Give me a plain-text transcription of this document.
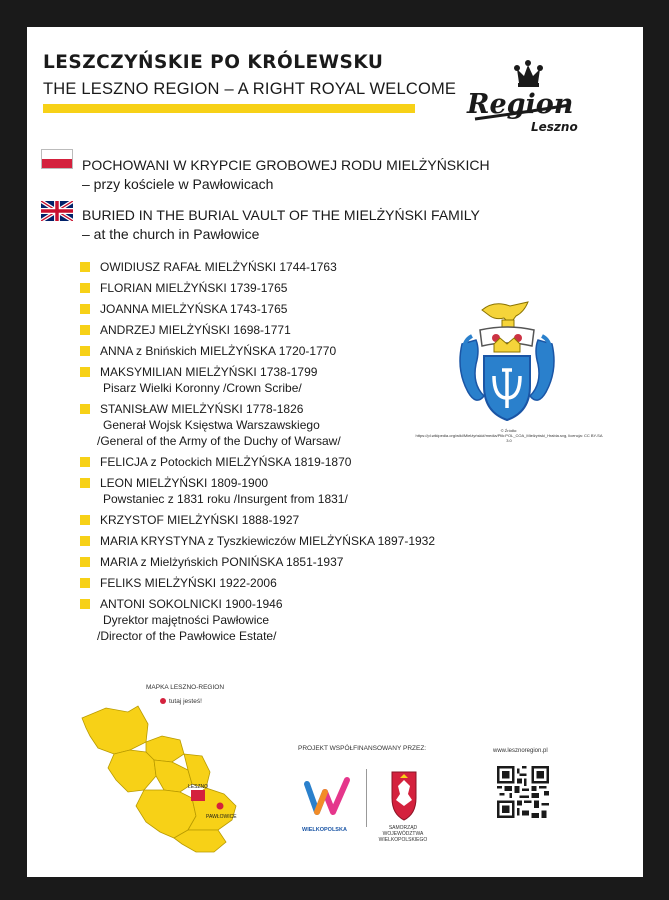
LESZCZYŃSKIE PO KRÓLEWSKU
THE LESZNO REGION – A RIGHT ROYAL WELCOME Region
Leszno
POCHOWANI W KRYPCIE GROBOWEJ RODU MIELŻYŃSKICH
– przy kościele w Pawłowicach
BURIED IN THE BURIAL VAULT OF THE MIELŻYŃSKI FAMILY
– at the church in Pawłowice
OWIDIUSZ RAFAŁ MIELŻYŃSKI 1744-1763
FLORIAN MIELŻYŃSKI 1739-1765
JOANNA MIELŻYŃSKA 1743-1765
ANDRZEJ MIELŻYŃSKI 1698-1771
ANNA z Bnińskich MIELŻYŃSKA 1720-1770
MAKSYMILIAN MIELŻYŃSKI 1738-1799
Pisarz Wielki Koronny /Crown Scribe/
STANISŁAW MIELŻYŃSKI 1778-1826
Generał Wojsk Księstwa Warszawskiego
/General of the Army of the Duchy of Warsaw/
FELICJA z Potockich MIELŻYŃSKA 1819-1870
LEON MIELŻYŃSKI 1809-1900
Powstaniec z 1831 roku /Insurgent from 1831/
KRZYSTOF MIELŻYŃSKI 1888-1927
MARIA KRYSTYNA z Tyszkiewiczów MIELŻYŃSKA 1897-1932
MARIA z Mielżyńskich PONIŃSKA 1851-1937
FELIKS MIELŻYŃSKI 1922-2006
ANTONI SOKOLNICKI 1900-1946
Dyrektor majętności Pawłowice
/Director of the Pawłowice Estate/
© Źródło:
https://pl.wikipedia.org/wiki/Mielżyński#/media/Plik:POL_COA_Mielżyński_Hrabia.svg, licencja: CC BY-SA 3.0
LESZNO
PAWŁOWICE
MAPKA LESZNO-REGION
tutaj jesteś!
PROJEKT WSPÓŁFINANSOWANY PRZEZ:
WIELKOPOLSKA	SAMORZĄD
WOJEWÓDZTWA
WIELKOPOLSKIEGO
www.lesznoregion.pl
